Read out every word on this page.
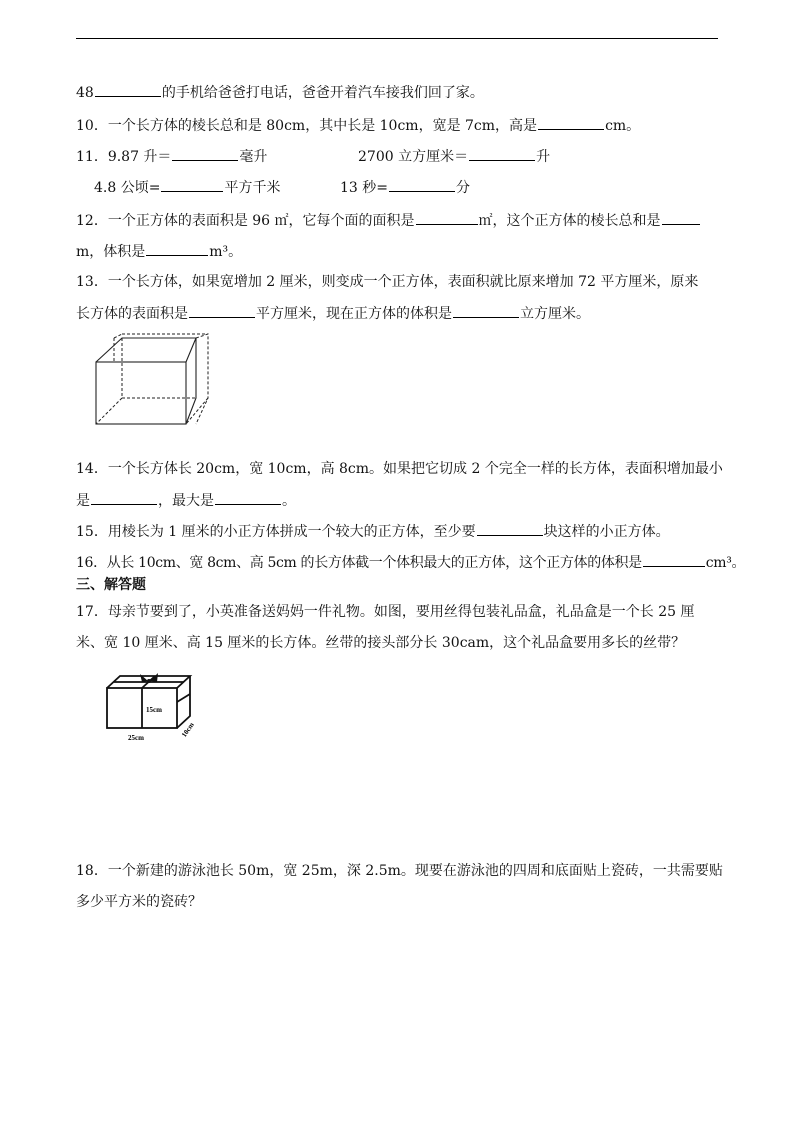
48	的手机给爸爸打电话，爸爸开着汽车接我们回了家。
10．一个长方体的棱长总和是 80cm，其中长是 10cm，宽是 7cm，高是	cm。
11．9.87 升＝	毫升	2700 立方厘米＝	升
4.8 公顷=	平方千米	13 秒=	分
12．一个正方体的表面积是 96 ㎡，它每个面的面积是	㎡，这个正方体的棱长总和是
m，体积是	m³。
13．一个长方体，如果宽增加 2 厘米，则变成一个正方体，表面积就比原来增加 72 平方厘米，原来
长方体的表面积是	平方厘米，现在正方体的体积是	立方厘米。
14．一个长方体长 20cm，宽 10cm，高 8cm。如果把它切成 2 个完全一样的长方体，表面积增加最小
是	，最大是	。
15．用棱长为 1 厘米的小正方体拼成一个较大的正方体，至少要	块这样的小正方体。
16．从长 10cm、宽 8cm、高 5cm 的长方体截一个体积最大的正方体，这个正方体的体积是	cm³。
三、解答题
17．母亲节要到了，小英准备送妈妈一件礼物。如图，要用丝得包装礼品盒，礼品盒是一个长 25 厘
米、宽 10 厘米、高 15 厘米的长方体。丝带的接头部分长 30cam，这个礼品盒要用多长的丝带？
15cm
25cm	10cm
18．一个新建的游泳池长 50m，宽 25m，深 2.5m。现要在游泳池的四周和底面贴上瓷砖，一共需要贴
多少平方米的瓷砖？
